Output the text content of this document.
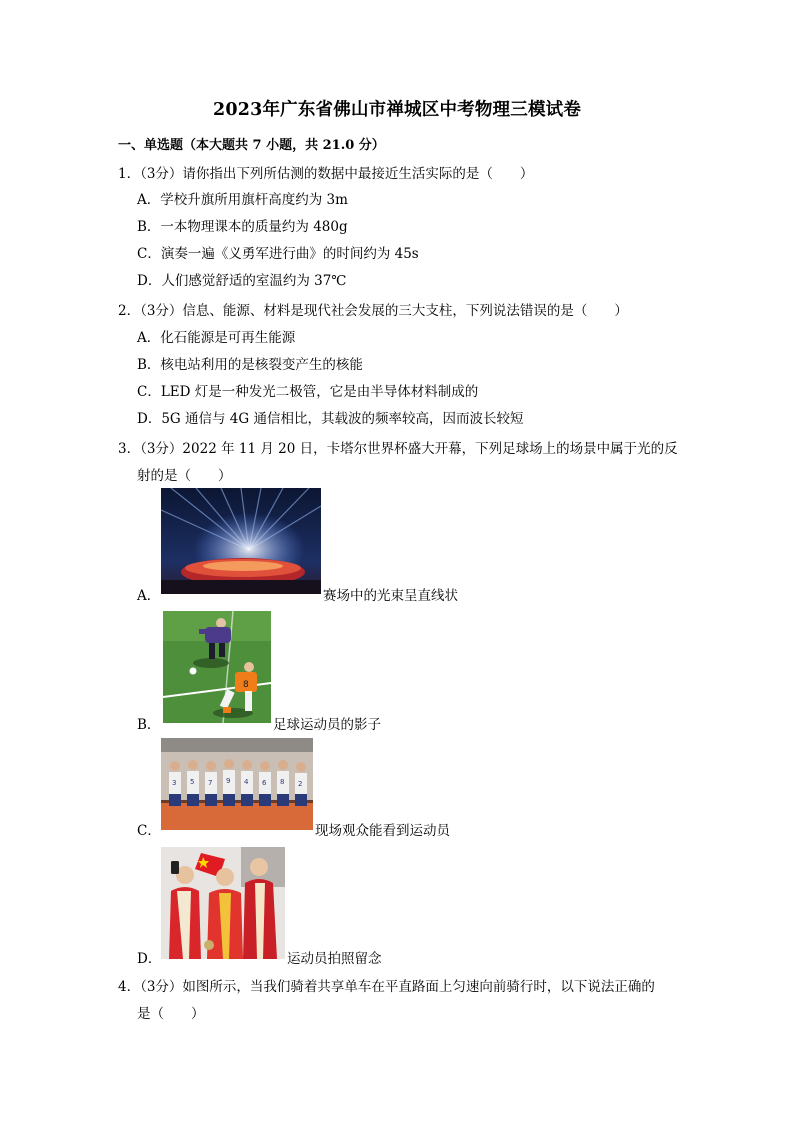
2023年广东省佛山市禅城区中考物理三模试卷
一、单选题（本大题共 7 小题，共 21.0 分）
1．（3分）请你指出下列所估测的数据中最接近生活实际的是（　　）
A．学校升旗所用旗杆高度约为 3m
B．一本物理课本的质量约为 480g
C．演奏一遍《义勇军进行曲》的时间约为 45s
D．人们感觉舒适的室温约为 37℃
2．（3分）信息、能源、材料是现代社会发展的三大支柱，下列说法错误的是（　　）
A．化石能源是可再生能源
B．核电站利用的是核裂变产生的核能
C．LED 灯是一种发光二极管，它是由半导体材料制成的
D．5G 通信与 4G 通信相比，其载波的频率较高，因而波长较短
3．（3分）2022 年 11 月 20 日，卡塔尔世界杯盛大开幕，下列足球场上的场景中属于光的反
射的是（　　）
A．	赛场中的光束呈直线状
B．
8
足球运动员的影子
C．
3 5 7 9 4 6 8 2
现场观众能看到运动员
D．	运动员拍照留念
4．（3分）如图所示，当我们骑着共享单车在平直路面上匀速向前骑行时，以下说法正确的
是（　　）
